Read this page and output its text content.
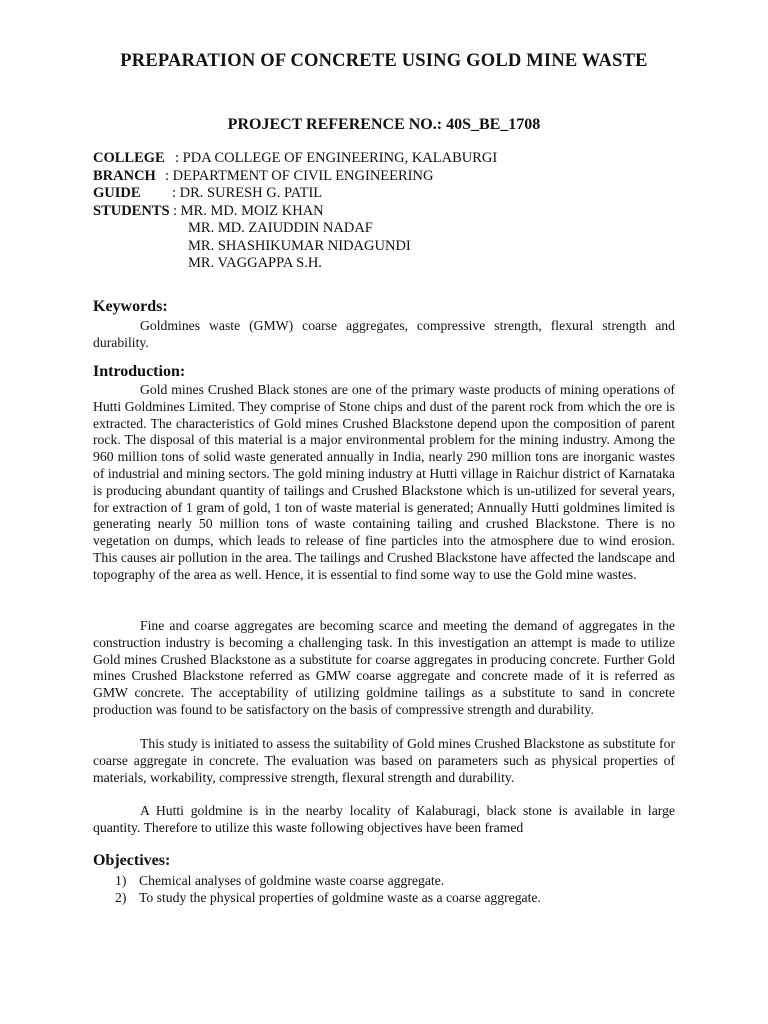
PREPARATION OF CONCRETE USING GOLD MINE WASTE
PROJECT REFERENCE NO.: 40S_BE_1708
COLLEGE : PDA COLLEGE OF ENGINEERING, KALABURGI
BRANCH : DEPARTMENT OF CIVIL ENGINEERING
GUIDE : DR. SURESH G. PATIL
STUDENTS : MR. MD. MOIZ KHAN
MR. MD. ZAIUDDIN NADAF
MR. SHASHIKUMAR NIDAGUNDI
MR. VAGGAPPA S.H.
Keywords:

Goldmines waste (GMW) coarse aggregates, compressive strength, flexural strength and durability.

Introduction:

Gold mines Crushed Black stones are one of the primary waste products of mining operations of Hutti Goldmines Limited. They comprise of Stone chips and dust of the parent rock from which the ore is extracted. The characteristics of Gold mines Crushed Blackstone depend upon the composition of parent rock. The disposal of this material is a major environmental problem for the mining industry. Among the 960 million tons of solid waste generated annually in India, nearly 290 million tons are inorganic wastes of industrial and mining sectors. The gold mining industry at Hutti village in Raichur district of Karnataka is producing abundant quantity of tailings and Crushed Blackstone which is un-utilized for several years, for extraction of 1 gram of gold, 1 ton of waste material is generated; Annually Hutti goldmines limited is generating nearly 50 million tons of waste containing tailing and crushed Blackstone. There is no vegetation on dumps, which leads to release of fine particles into the atmosphere due to wind erosion. This causes air pollution in the area. The tailings and Crushed Blackstone have affected the landscape and topography of the area as well. Hence, it is essential to find some way to use the Gold mine wastes.

Fine and coarse aggregates are becoming scarce and meeting the demand of aggregates in the construction industry is becoming a challenging task. In this investigation an attempt is made to utilize Gold mines Crushed Blackstone as a substitute for coarse aggregates in producing concrete. Further Gold mines Crushed Blackstone referred as GMW coarse aggregate and concrete made of it is referred as GMW concrete. The acceptability of utilizing goldmine tailings as a substitute to sand in concrete production was found to be satisfactory on the basis of compressive strength and durability.

This study is initiated to assess the suitability of Gold mines Crushed Blackstone as substitute for coarse aggregate in concrete. The evaluation was based on parameters such as physical properties of materials, workability, compressive strength, flexural strength and durability.

A Hutti goldmine is in the nearby locality of Kalaburagi, black stone is available in large quantity. Therefore to utilize this waste following objectives have been framed

Objectives:
1) Chemical analyses of goldmine waste coarse aggregate.
2) To study the physical properties of goldmine waste as a coarse aggregate.
